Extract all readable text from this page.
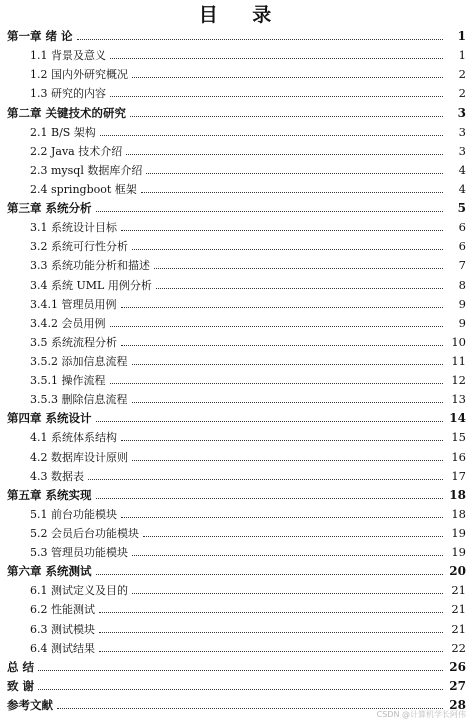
目 录
第一章 绪 论	1
1.1 背景及意义	1
1.2 国内外研究概况	2
1.3 研究的内容	2
第二章 关键技术的研究	3
2.1 B/S 架构	3
2.2 Java 技术介绍	3
2.3 mysql 数据库介绍	4
2.4 springboot 框架	4
第三章 系统分析	5
3.1 系统设计目标	6
3.2 系统可行性分析	6
3.3 系统功能分析和描述	7
3.4 系统 UML 用例分析	8
3.4.1 管理员用例	9
3.4.2 会员用例	9
3.5 系统流程分析	10
3.5.2 添加信息流程	11
3.5.1 操作流程	12
3.5.3 删除信息流程	13
第四章 系统设计	14
4.1 系统体系结构	15
4.2 数据库设计原则	16
4.3 数据表	17
第五章 系统实现	18
5.1 前台功能模块	18
5.2 会员后台功能模块	19
5.3 管理员功能模块	19
第六章 系统测试	20
6.1 测试定义及目的	21
6.2 性能测试	21
6.3 测试模块	21
6.4 测试结果	22
总 结	26
致 谢	27
参考文献	28
CSDN @计算机学长阿伟
